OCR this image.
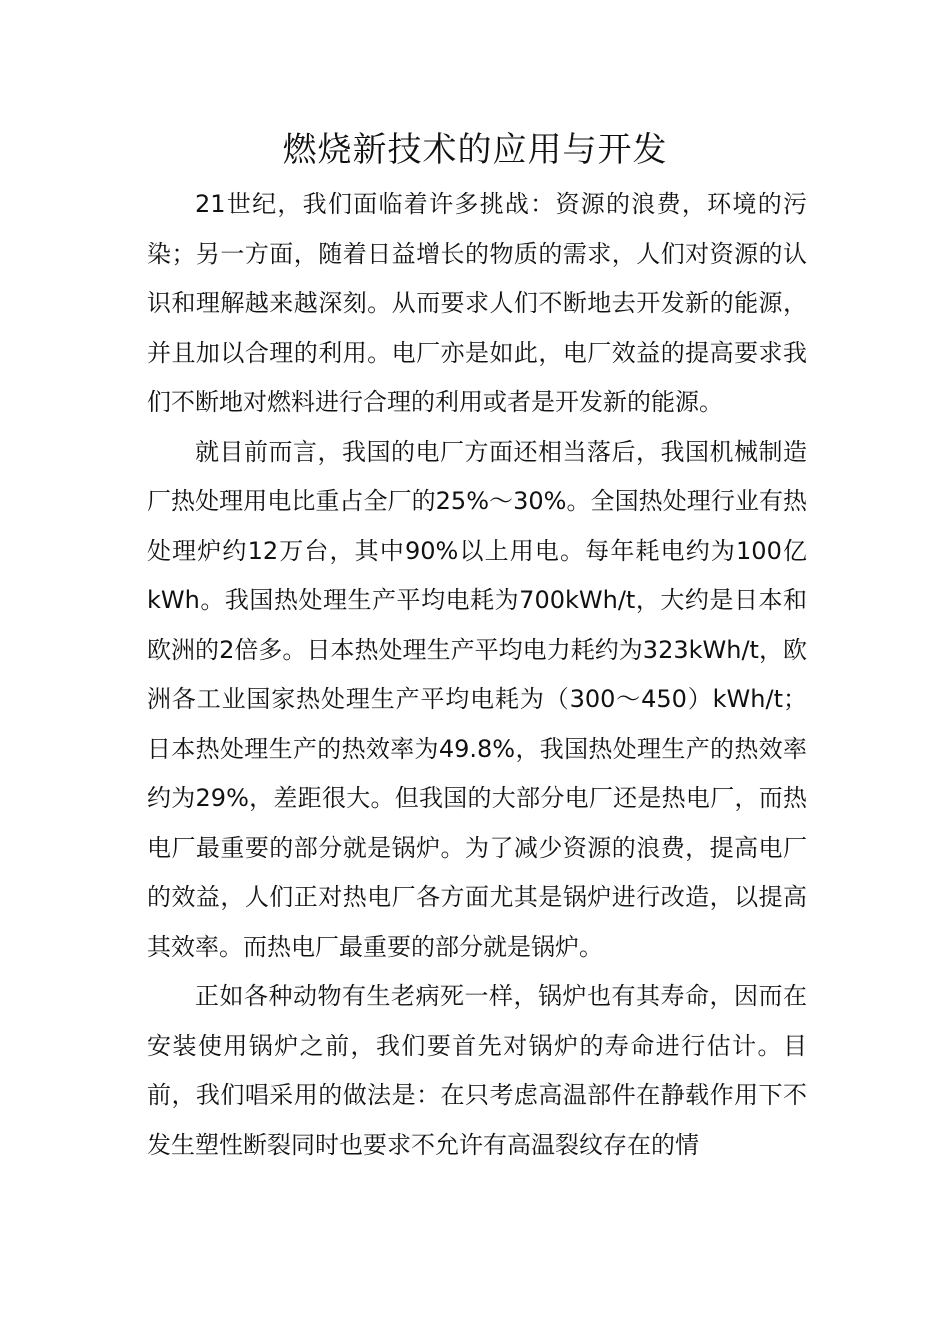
燃烧新技术的应用与开发

21世纪，我们面临着许多挑战：资源的浪费，环境的污染；另一方面，随着日益增长的物质的需求，人们对资源的认识和理解越来越深刻。从而要求人们不断地去开发新的能源，并且加以合理的利用。电厂亦是如此，电厂效益的提高要求我们不断地对燃料进行合理的利用或者是开发新的能源。

就目前而言，我国的电厂方面还相当落后，我国机械制造厂热处理用电比重占全厂的25%～30%。全国热处理行业有热处理炉约12万台，其中90%以上用电。每年耗电约为100亿kWh。我国热处理生产平均电耗为700kWh/t，大约是日本和欧洲的2倍多。日本热处理生产平均电力耗约为323kWh/t，欧洲各工业国家热处理生产平均电耗为（300～450）kWh/t；日本热处理生产的热效率为49.8%，我国热处理生产的热效率约为29%，差距很大。但我国的大部分电厂还是热电厂，而热电厂最重要的部分就是锅炉。为了减少资源的浪费，提高电厂的效益，人们正对热电厂各方面尤其是锅炉进行改造，以提高其效率。而热电厂最重要的部分就是锅炉。

正如各种动物有生老病死一样，锅炉也有其寿命，因而在安装使用锅炉之前，我们要首先对锅炉的寿命进行估计。目前，我们唱采用的做法是：在只考虑高温部件在静载作用下不发生塑性断裂同时也要求不允许有高温裂纹存在的情
